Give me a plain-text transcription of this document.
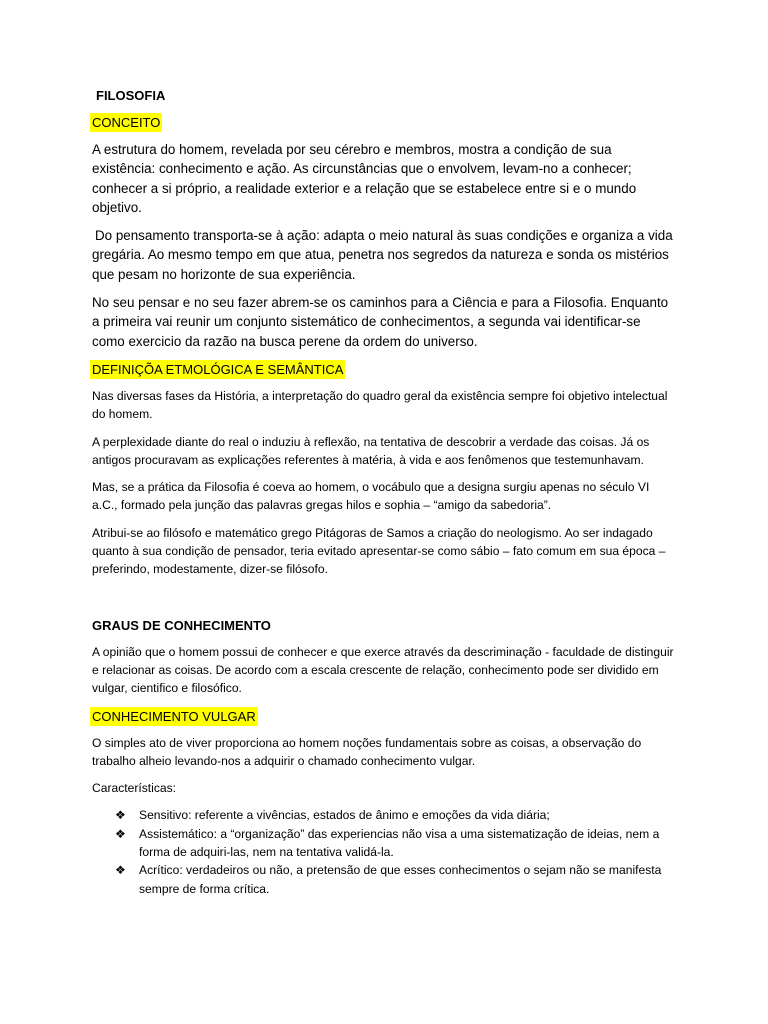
FILOSOFIA

CONCEITO

A estrutura do homem, revelada por seu cérebro e membros, mostra a condição de sua existência: conhecimento e ação. As circunstâncias que o envolvem, levam-no a conhecer; conhecer a si próprio, a realidade exterior e a relação que se estabelece entre si e o mundo objetivo.

Do pensamento transporta-se à ação: adapta o meio natural às suas condições e organiza a vida gregária. Ao mesmo tempo em que atua, penetra nos segredos da natureza e sonda os mistérios que pesam no horizonte de sua experiência.

No seu pensar e no seu fazer abrem-se os caminhos para a Ciência e para a Filosofia. Enquanto a primeira vai reunir um conjunto sistemático de conhecimentos, a segunda vai identificar-se como exercicio da razão na busca perene da ordem do universo.

DEFINIÇÕA ETMOLÓGICA E SEMÂNTICA

Nas diversas fases da História, a interpretação do quadro geral da existência sempre foi objetivo intelectual do homem.

A perplexidade diante do real o induziu à reflexão, na tentativa de descobrir a verdade das coisas. Já os antigos procuravam as explicações referentes à matéria, à vida e aos fenômenos que testemunhavam.

Mas, se a prática da Filosofia é coeva ao homem, o vocábulo que a designa surgiu apenas no século VI a.C., formado pela junção das palavras gregas hilos e sophia – “amigo da sabedoria”.

Atribui-se ao filósofo e matemático grego Pitágoras de Samos a criação do neologismo. Ao ser indagado quanto à sua condição de pensador, teria evitado apresentar-se como sábio – fato comum em sua época – preferindo, modestamente, dizer-se filósofo.

GRAUS DE CONHECIMENTO

A opinião que o homem possui de conhecer e que exerce através da descriminação - faculdade de distinguir e relacionar as coisas. De acordo com a escala crescente de relação, conhecimento pode ser dividido em vulgar, cientifico e filosófico.

CONHECIMENTO VULGAR

O simples ato de viver proporciona ao homem noções fundamentais sobre as coisas, a observação do trabalho alheio levando-nos a adquirir o chamado conhecimento vulgar.

Características:

❖ Sensitivo: referente a vivências, estados de ânimo e emoções da vida diária;
❖ Assistemático: a “organização” das experiencias não visa a uma sistematização de ideias, nem a forma de adquiri-las, nem na tentativa validá-la.
❖ Acrítico: verdadeiros ou não, a pretensão de que esses conhecimentos o sejam não se manifesta sempre de forma crítica.
